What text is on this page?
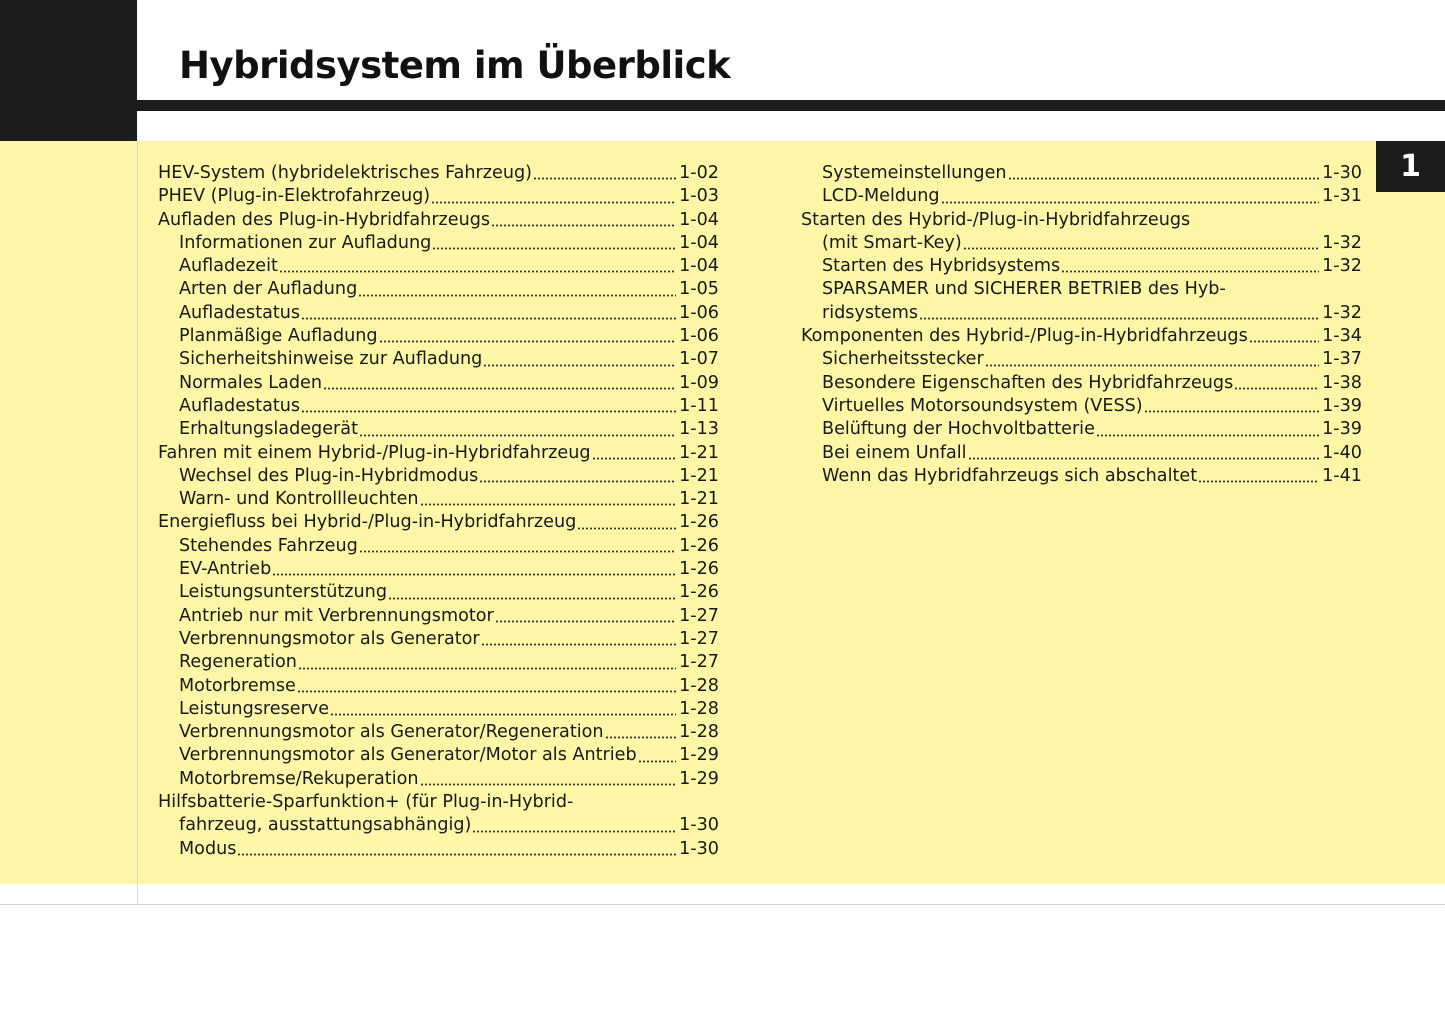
Hybridsystem im Überblick
1
HEV-System (hybridelektrisches Fahrzeug)	1-02
PHEV (Plug-in-Elektrofahrzeug)	1-03
Aufladen des Plug-in-Hybridfahrzeugs	1-04
Informationen zur Aufladung	1-04
Aufladezeit	1-04
Arten der Aufladung	1-05
Aufladestatus	1-06
Planmäßige Aufladung	1-06
Sicherheitshinweise zur Aufladung	1-07
Normales Laden	1-09
Aufladestatus	1-11
Erhaltungsladegerät	1-13
Fahren mit einem Hybrid-/Plug-in-Hybridfahrzeug	1-21
Wechsel des Plug-in-Hybridmodus	1-21
Warn- und Kontrollleuchten	1-21
Energiefluss bei Hybrid-/Plug-in-Hybridfahrzeug	1-26
Stehendes Fahrzeug	1-26
EV-Antrieb	1-26
Leistungsunterstützung	1-26
Antrieb nur mit Verbrennungsmotor	1-27
Verbrennungsmotor als Generator	1-27
Regeneration	1-27
Motorbremse	1-28
Leistungsreserve	1-28
Verbrennungsmotor als Generator/Regeneration	1-28
Verbrennungsmotor als Generator/Motor als Antrieb 1-29
Motorbremse/Rekuperation	1-29
Hilfsbatterie-Sparfunktion+ (für Plug-in-Hybrid-
fahrzeug, ausstattungsabhängig)	1-30
Modus	1-30
Systemeinstellungen	1-30
LCD-Meldung	1-31
Starten des Hybrid-/Plug-in-Hybridfahrzeugs
(mit Smart-Key)	1-32
Starten des Hybridsystems	1-32
SPARSAMER und SICHERER BETRIEB des Hyb-
ridsystems	1-32
Komponenten des Hybrid-/Plug-in-Hybridfahrzeugs	1-34
Sicherheitsstecker	1-37
Besondere Eigenschaften des Hybridfahrzeugs	1-38
Virtuelles Motorsoundsystem (VESS)	1-39
Belüftung der Hochvoltbatterie	1-39
Bei einem Unfall	1-40
Wenn das Hybridfahrzeugs sich abschaltet	1-41
